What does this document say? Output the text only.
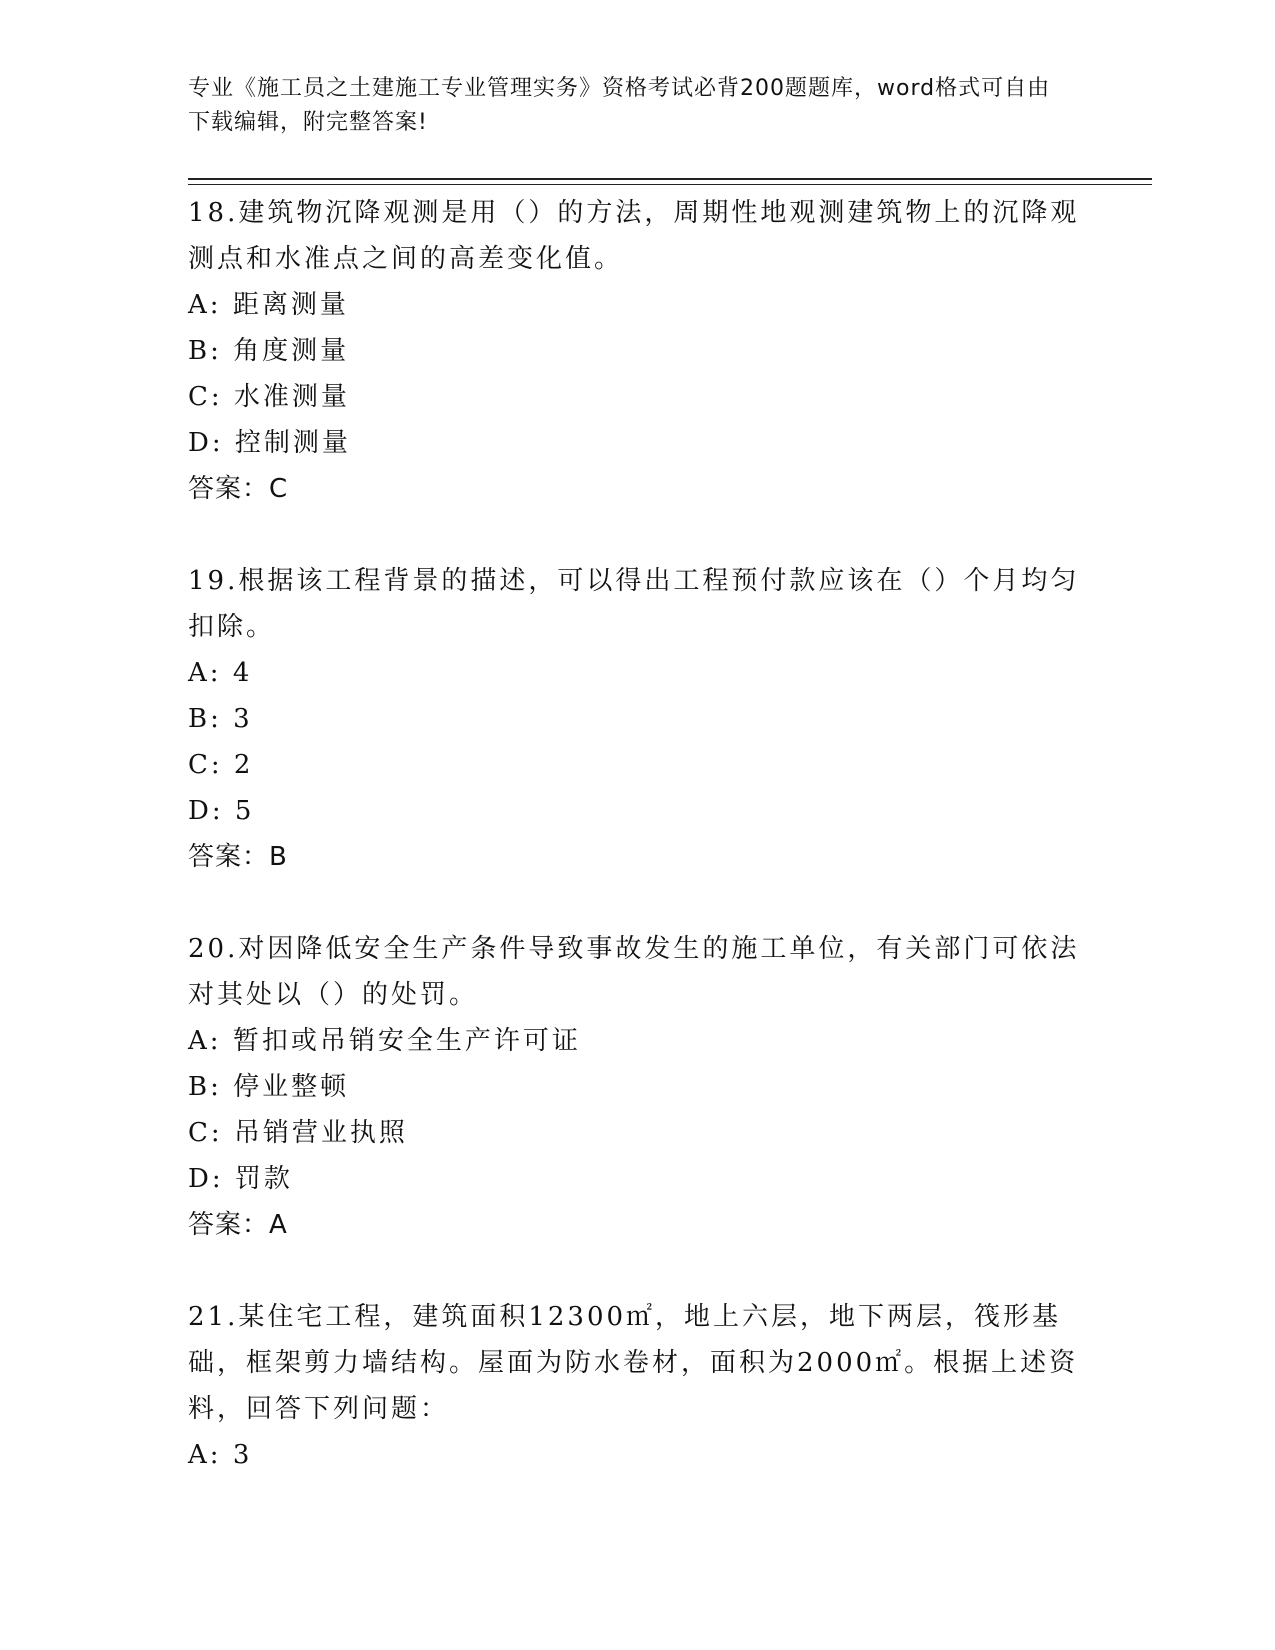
专业《施工员之土建施工专业管理实务》资格考试必背200题题库，word格式可自由下载编辑，附完整答案!
18.建筑物沉降观测是用（）的方法，周期性地观测建筑物上的沉降观测点和水准点之间的高差变化值。
A: 距离测量
B: 角度测量
C: 水准测量
D: 控制测量
答案：C
19.根据该工程背景的描述，可以得出工程预付款应该在（）个月均匀扣除。
A: 4
B: 3
C: 2
D: 5
答案：B
20.对因降低安全生产条件导致事故发生的施工单位，有关部门可依法对其处以（）的处罚。
A: 暂扣或吊销安全生产许可证
B: 停业整顿
C: 吊销营业执照
D: 罚款
答案：A
21.某住宅工程，建筑面积12300㎡，地上六层，地下两层，筏形基础，框架剪力墙结构。屋面为防水卷材，面积为2000㎡。根据上述资料，回答下列问题：
A: 3
